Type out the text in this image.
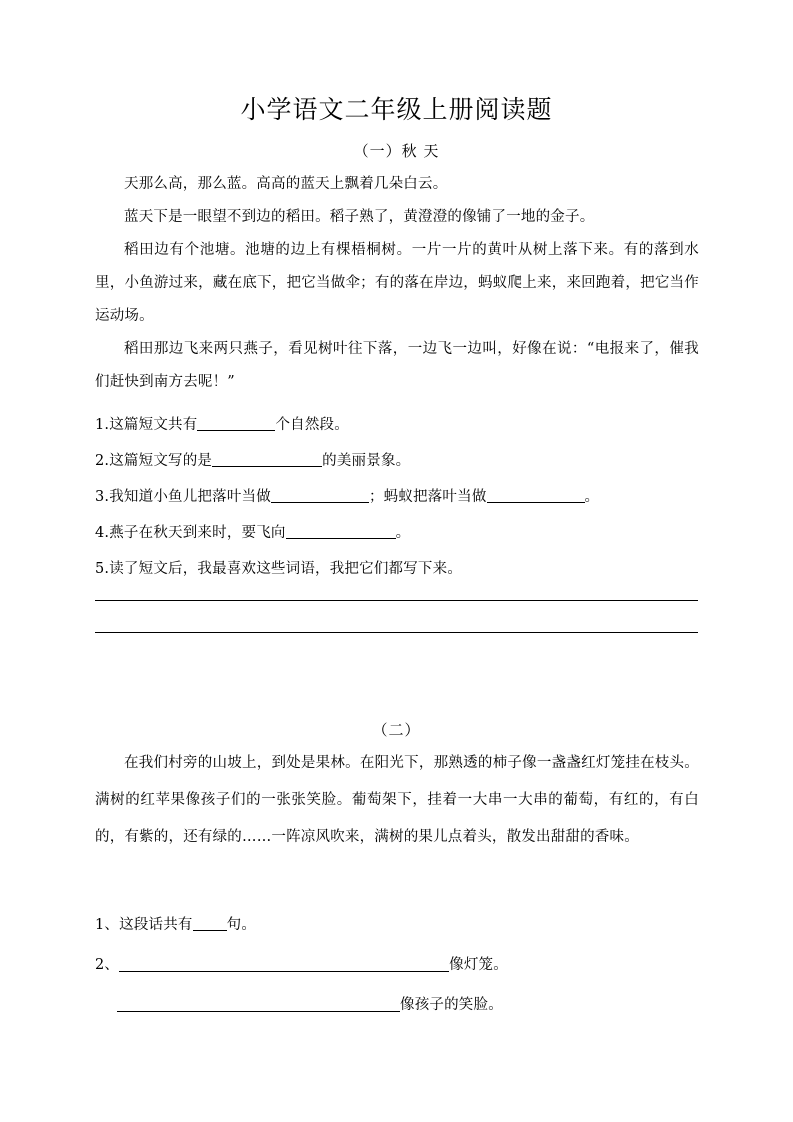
小学语文二年级上册阅读题
（一）秋 天

天那么高，那么蓝。高高的蓝天上飘着几朵白云。

蓝天下是一眼望不到边的稻田。稻子熟了，黄澄澄的像铺了一地的金子。

稻田边有个池塘。池塘的边上有棵梧桐树。一片一片的黄叶从树上落下来。有的落到水里，小鱼游过来，藏在底下，把它当做伞；有的落在岸边，蚂蚁爬上来，来回跑着，把它当作运动场。

稻田那边飞来两只燕子，看见树叶往下落，一边飞一边叫，好像在说：“电报来了，催我们赶快到南方去呢！”

1.这篇短文共有	个自然段。

2.这篇短文写的是	的美丽景象。

3.我知道小鱼儿把落叶当做	；蚂蚁把落叶当做	。

4.燕子在秋天到来时，要飞向	。

5.读了短文后，我最喜欢这些词语，我把它们都写下来。

（二）

在我们村旁的山坡上，到处是果林。在阳光下，那熟透的柿子像一盏盏红灯笼挂在枝头。满树的红苹果像孩子们的一张张笑脸。葡萄架下，挂着一大串一大串的葡萄，有红的，有白的，有紫的，还有绿的……一阵凉风吹来，满树的果儿点着头，散发出甜甜的香味。

1、这段话共有 句。

2、	像灯笼。

像孩子的笑脸。
